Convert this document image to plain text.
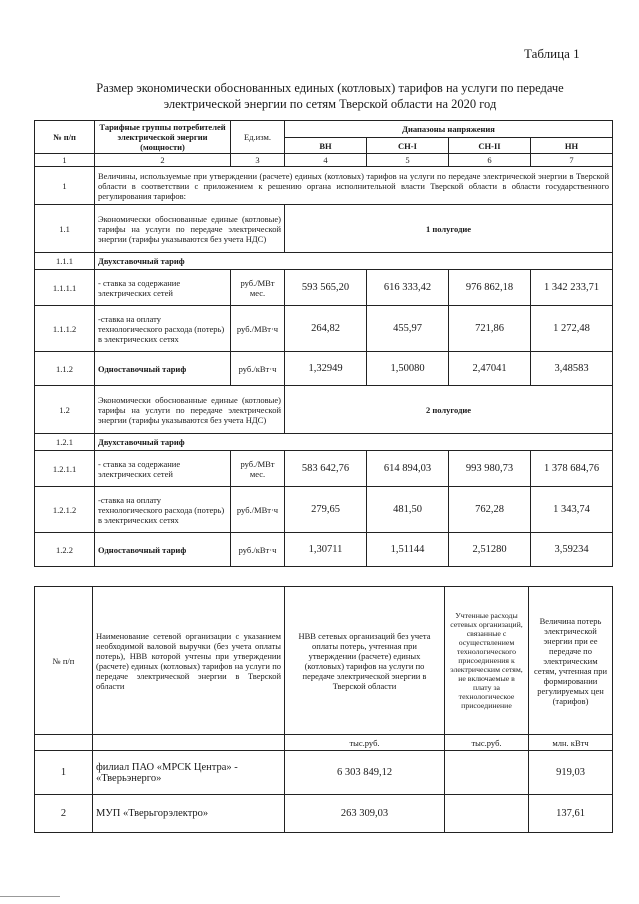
Таблица 1
Размер экономически обоснованных единых (котловых) тарифов на услуги по передаче
электрической энергии по сетям Тверской области на 2020 год
№ п/п	Тарифные группы потребителей электрической энергии (мощности)	Ед.изм.	Диапазоны напряжения			
			ВН	СН-I	СН-II	НН
1	2	3	4	5	6	7
1	Величины, используемые при утверждении (расчете) единых (котловых) тарифов на услуги по передаче электрической энергии в Тверской области в соответствии с приложением к решению органа исполнительной власти Тверской области в области государственного регулирования тарифов:					
1.1	Экономически обоснованные единые (котловые) тарифы на услуги по передаче электрической энергии (тарифы указываются без учета НДС)		1 полугодие			
1.1.1	Двухставочный тариф					
1.1.1.1	- ставка за содержание электрических сетей	руб./МВт мес.	593 565,20	616 333,42	976 862,18	1 342 233,71
1.1.1.2	-ставка на оплату технологического расхода (потерь) в электрических сетях	руб./МВт·ч	264,82	455,97	721,86	1 272,48
1.1.2	Одноставочный тариф	руб./кВт·ч	1,32949	1,50080	2,47041	3,48583
1.2	Экономически обоснованные единые (котловые) тарифы на услуги по передаче электрической энергии (тарифы указываются без учета НДС)		2 полугодие			
1.2.1	Двухставочный тариф					
1.2.1.1	- ставка за содержание электрических сетей	руб./МВт мес.	583 642,76	614 894,03	993 980,73	1 378 684,76
1.2.1.2	-ставка на оплату технологического расхода (потерь) в электрических сетях	руб./МВт·ч	279,65	481,50	762,28	1 343,74
1.2.2	Одноставочный тариф	руб./кВт·ч	1,30711	1,51144	2,51280	3,59234
№ п/п	Наименование сетевой организации с указанием необходимой валовой выручки (без учета оплаты потерь), НВВ которой учтены при утверждении (расчете) единых (котловых) тарифов на услуги по передаче электрической энергии в Тверской области	НВВ сетевых организаций без учета оплаты потерь, учтенная при утверждении (расчете) единых (котловых) тарифов на услуги по передаче электрической энергии в Тверской области	Учтенные расходы сетевых организаций, связанные с осуществлением технологического присоединения к электрическим сетям, не включаемые в плату за технологическое присоединение	Величина потерь электрической энергии при ее передаче по электрическим сетям, учтенная при формировании регулируемых цен (тарифов)
		тыс.руб.	тыс.руб.	млн. кВтч
1	филиал ПАО «МРСК Центра» - «Тверьэнерго»	6 303 849,12		919,03
2	МУП «Тверьгорэлектро»	263 309,03		137,61
